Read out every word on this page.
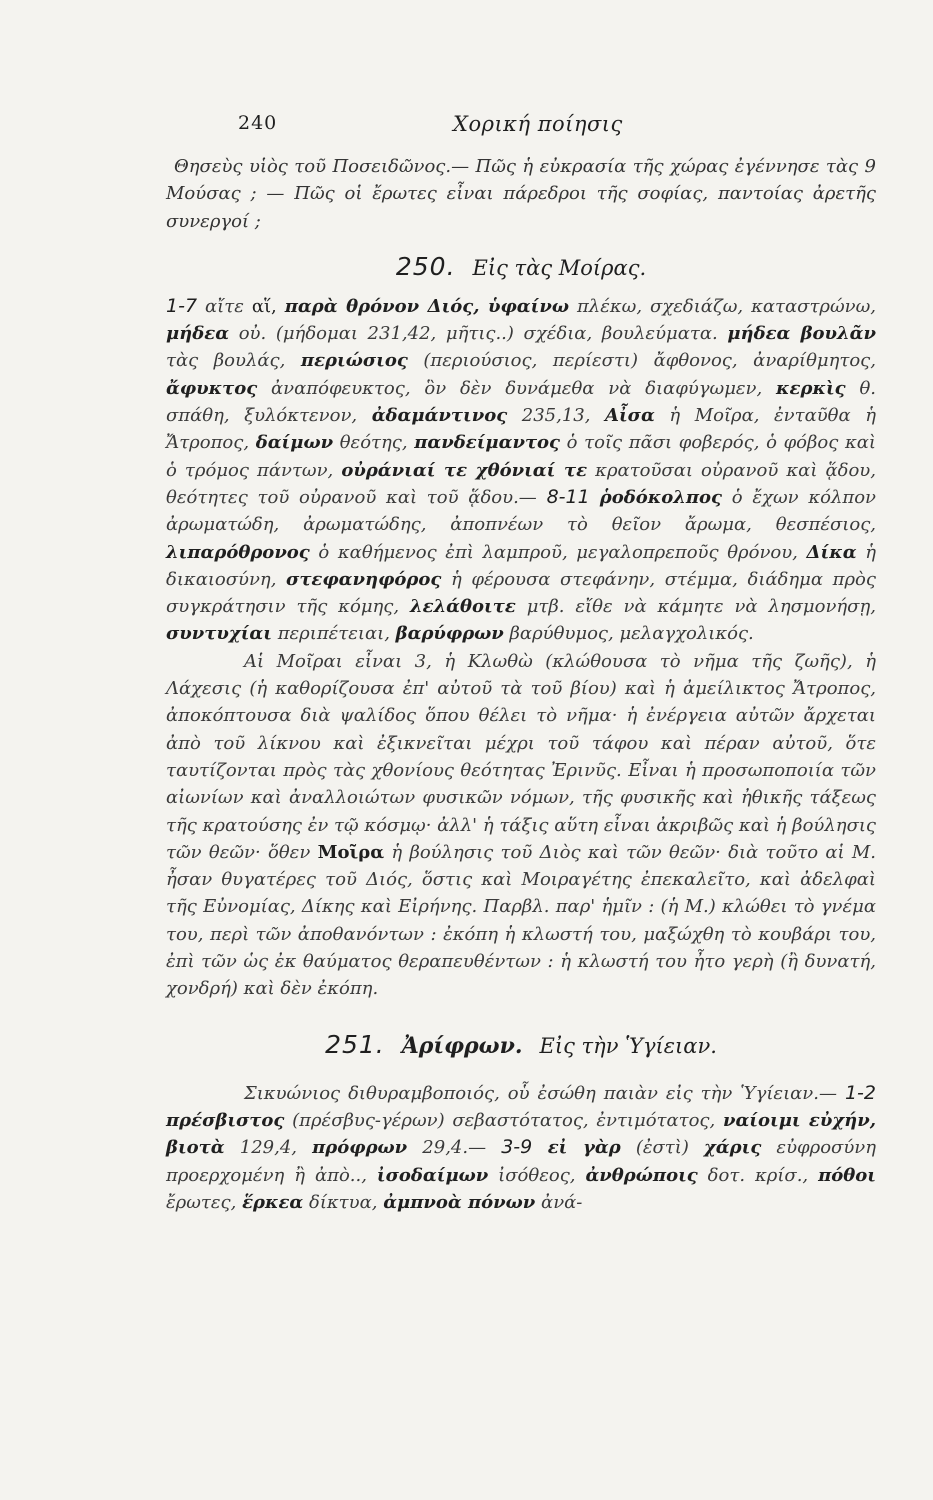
240	Χορική ποίησις

Θησεὺς υἱὸς τοῦ Ποσειδῶνος.— Πῶς ἡ εὐκρασία τῆς χώρας ἐγέννησε τὰς 9 Μούσας ; — Πῶς οἱ ἔρωτες εἶναι πάρεδροι τῆς σοφίας, παντοίας ἀρετῆς συνεργοί ;

250. Εἰς τὰς Μοίρας.

1-7 αἴτε αἵ, παρὰ θρόνον Διός, ὑφαίνω πλέκω, σχεδιάζω, καταστρώνω, μήδεα οὐ. (μήδομαι 231,42, μῆτις..) σχέδια, βουλεύματα. μήδεα βουλᾶν τὰς βουλάς, περιώσιος (περιούσιος, περίεστι) ἄφθονος, ἀναρίθμητος, ἄφυκτος ἀναπόφευκτος, ὃν δὲν δυνάμεθα νὰ διαφύγωμεν, κερκὶς θ. σπάθη, ξυλόκτενον, ἀδαμάντινος 235,13, Αἶσα ἡ Μοῖρα, ἐνταῦθα ἡ Ἄτροπος, δαίμων θεότης, πανδείμαντος ὁ τοῖς πᾶσι φοβερός, ὁ φόβος καὶ ὁ τρόμος πάντων, οὐράνιαί τε χθόνιαί τε κρατοῦσαι οὐρανοῦ καὶ ᾅδου, θεότητες τοῦ οὐρανοῦ καὶ τοῦ ᾅδου.— 8-11 ῥοδόκολπος ὁ ἔχων κόλπον ἀρωματώδη, ἀρωματώδης, ἀποπνέων τὸ θεῖον ἄρωμα, θεσπέσιος, λιπαρόθρονος ὁ καθήμενος ἐπὶ λαμπροῦ, μεγαλοπρεποῦς θρόνου, Δίκα ἡ δικαιοσύνη, στεφανηφόρος ἡ φέρουσα στεφάνην, στέμμα, διάδημα πρὸς συγκράτησιν τῆς κόμης, λελάθοιτε μτβ. εἴθε νὰ κάμητε νὰ λησμονήσῃ, συντυχίαι περιπέτειαι, βαρύφρων βαρύθυμος, μελαγχολικός.

Αἱ Μοῖραι εἶναι 3, ἡ Κλωθὼ (κλώθουσα τὸ νῆμα τῆς ζωῆς), ἡ Λάχεσις (ἡ καθορίζουσα ἐπ' αὐτοῦ τὰ τοῦ βίου) καὶ ἡ ἀμείλικτος Ἄτροπος, ἀποκόπτουσα διὰ ψαλίδος ὅπου θέλει τὸ νῆμα· ἡ ἐνέργεια αὐτῶν ἄρχεται ἀπὸ τοῦ λίκνου καὶ ἐξικνεῖται μέχρι τοῦ τάφου καὶ πέραν αὐτοῦ, ὅτε ταυτίζονται πρὸς τὰς χθονίους θεότητας Ἐρινῦς. Εἶναι ἡ προσωποποιία τῶν αἰωνίων καὶ ἀναλλοιώτων φυσικῶν νόμων, τῆς φυσικῆς καὶ ἠθικῆς τάξεως τῆς κρατούσης ἐν τῷ κόσμῳ· ἀλλ' ἡ τάξις αὕτη εἶναι ἀκριβῶς καὶ ἡ βούλησις τῶν θεῶν· ὅθεν Μοῖρα ἡ βούλησις τοῦ Διὸς καὶ τῶν θεῶν· διὰ τοῦτο αἱ Μ. ἦσαν θυγατέρες τοῦ Διός, ὅστις καὶ Μοιραγέτης ἐπεκαλεῖτο, καὶ ἀδελφαὶ τῆς Εὐνομίας, Δίκης καὶ Εἰρήνης. Παρβλ. παρ' ἡμῖν : (ἡ Μ.) κλώθει τὸ γνέμα του, περὶ τῶν ἀποθανόντων : ἐκόπη ἡ κλωστή του, μαξώχθη τὸ κουβάρι του, ἐπὶ τῶν ὡς ἐκ θαύματος θεραπευθέντων : ἡ κλωστή του ἦτο γερὴ (ἢ δυνατή, χονδρή) καὶ δὲν ἐκόπη.

251. Ἀρίφρων. Εἰς τὴν Ὑγίειαν.

Σικυώνιος διθυραμβοποιός, οὗ ἐσώθη παιὰν εἰς τὴν Ὑγίειαν.— 1-2 πρέσβιστος (πρέσβυς-γέρων) σεβαστότατος, ἐντιμότατος, ναίοιμι εὐχήν, βιοτὰ 129,4, πρόφρων 29,4.— 3-9 εἰ γὰρ (ἐστὶ) χάρις εὐφροσύνη προερχομένη ἢ ἀπὸ.., ἰσοδαίμων ἰσόθεος, ἀνθρώποις δοτ. κρίσ., πόθοι ἔρωτες, ἕρκεα δίκτυα, ἀμπνοὰ πόνων ἀνά-
